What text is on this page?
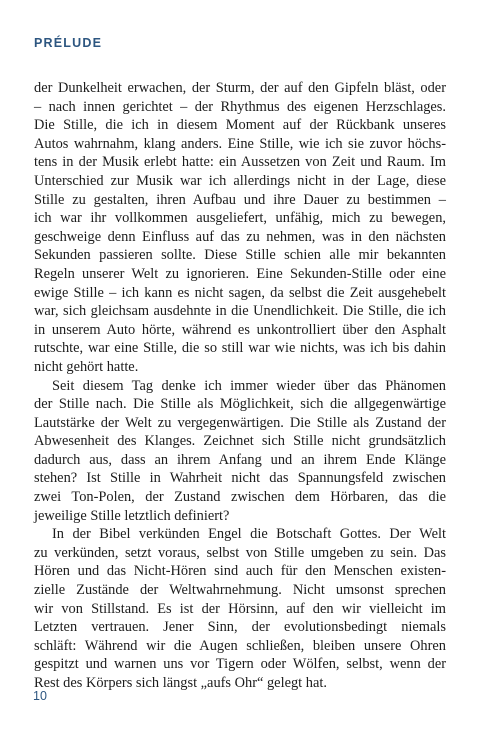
PRÉLUDE
der Dunkelheit erwachen, der Sturm, der auf den Gipfeln bläst, oder
– nach innen gerichtet – der Rhythmus des eigenen Herzschlages.
Die Stille, die ich in diesem Moment auf der Rückbank unseres
Autos wahrnahm, klang anders. Eine Stille, wie ich sie zuvor höchs-
tens in der Musik erlebt hatte: ein Aussetzen von Zeit und Raum. Im
Unterschied zur Musik war ich allerdings nicht in der Lage, diese
Stille zu gestalten, ihren Aufbau und ihre Dauer zu bestimmen –
ich war ihr vollkommen ausgeliefert, unfähig, mich zu bewegen,
geschweige denn Einfluss auf das zu nehmen, was in den nächsten
Sekunden passieren sollte. Diese Stille schien alle mir bekannten
Regeln unserer Welt zu ignorieren. Eine Sekunden-Stille oder eine
ewige Stille – ich kann es nicht sagen, da selbst die Zeit ausgehebelt
war, sich gleichsam ausdehnte in die Unendlichkeit. Die Stille, die ich
in unserem Auto hörte, während es unkontrolliert über den Asphalt
rutschte, war eine Stille, die so still war wie nichts, was ich bis dahin
nicht gehört hatte.
Seit diesem Tag denke ich immer wieder über das Phänomen
der Stille nach. Die Stille als Möglichkeit, sich die allgegenwärtige
Lautstärke der Welt zu vergegenwärtigen. Die Stille als Zustand der
Abwesenheit des Klanges. Zeichnet sich Stille nicht grundsätzlich
dadurch aus, dass an ihrem Anfang und an ihrem Ende Klänge
stehen? Ist Stille in Wahrheit nicht das Spannungsfeld zwischen
zwei Ton-Polen, der Zustand zwischen dem Hörbaren, das die
jeweilige Stille letztlich definiert?
In der Bibel verkünden Engel die Botschaft Gottes. Der Welt
zu verkünden, setzt voraus, selbst von Stille umgeben zu sein. Das
Hören und das Nicht-Hören sind auch für den Menschen existen-
zielle Zustände der Weltwahrnehmung. Nicht umsonst sprechen
wir von Stillstand. Es ist der Hörsinn, auf den wir vielleicht im
Letzten vertrauen. Jener Sinn, der evolutionsbedingt niemals
schläft: Während wir die Augen schließen, bleiben unsere Ohren
gespitzt und warnen uns vor Tigern oder Wölfen, selbst, wenn der
Rest des Körpers sich längst „aufs Ohr“ gelegt hat.
10
